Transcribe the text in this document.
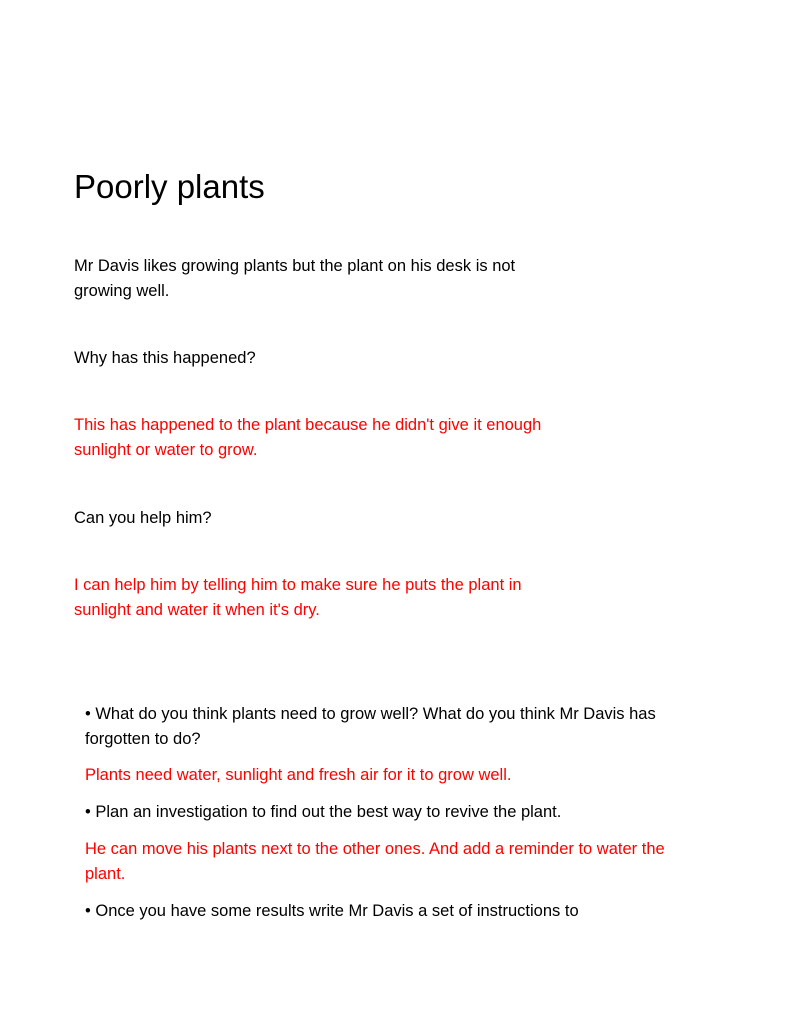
Poorly plants

Mr Davis likes growing plants but the plant on his desk is not growing well.

Why has this happened?

This has happened to the plant because he didn't give it enough sunlight or water to grow.

Can you help him?

I can help him by telling him to make sure he puts the plant in sunlight and water it when it's dry.

• What do you think plants need to grow well? What do you think Mr Davis has forgotten to do?

Plants need water, sunlight and fresh air for it to grow well.

• Plan an investigation to find out the best way to revive the plant.

He can move his plants next to the other ones. And add a reminder to water the plant.

• Once you have some results write Mr Davis a set of instructions to
